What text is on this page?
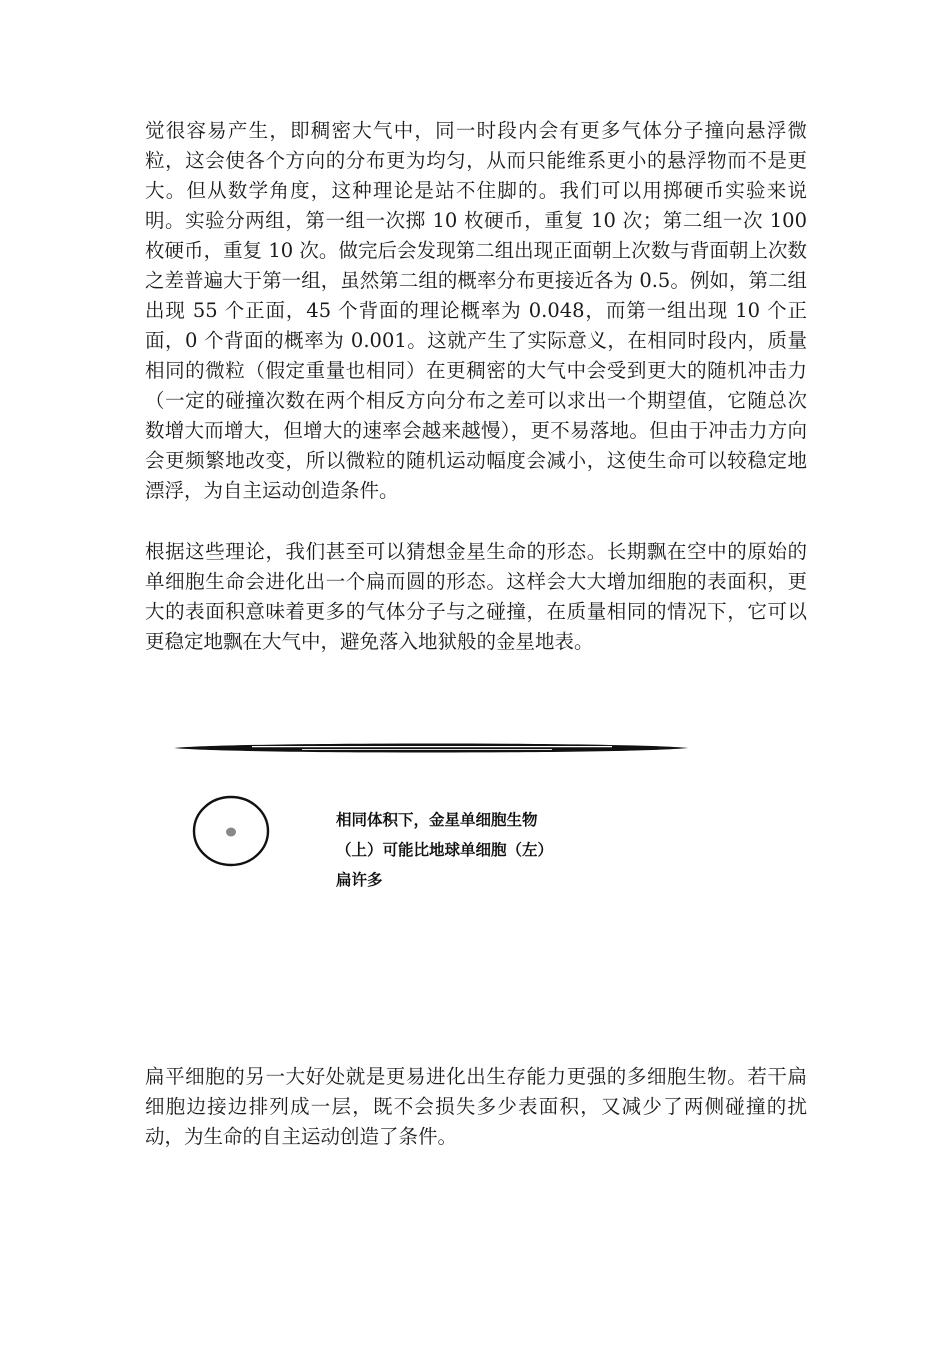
觉很容易产生，即稠密大气中，同一时段内会有更多气体分子撞向悬浮微粒，这会使各个方向的分布更为均匀，从而只能维系更小的悬浮物而不是更大。但从数学角度，这种理论是站不住脚的。我们可以用掷硬币实验来说明。实验分两组，第一组一次掷 10 枚硬币，重复 10 次；第二组一次 100 枚硬币，重复 10 次。做完后会发现第二组出现正面朝上次数与背面朝上次数之差普遍大于第一组，虽然第二组的概率分布更接近各为 0.5。例如，第二组出现 55 个正面，45 个背面的理论概率为 0.048，而第一组出现 10 个正面，0 个背面的概率为 0.001。这就产生了实际意义，在相同时段内，质量相同的微粒（假定重量也相同）在更稠密的大气中会受到更大的随机冲击力（一定的碰撞次数在两个相反方向分布之差可以求出一个期望值，它随总次数增大而增大，但增大的速率会越来越慢），更不易落地。但由于冲击力方向会更频繁地改变，所以微粒的随机运动幅度会减小，这使生命可以较稳定地漂浮，为自主运动创造条件。

根据这些理论，我们甚至可以猜想金星生命的形态。长期飘在空中的原始的单细胞生命会进化出一个扁而圆的形态。这样会大大增加细胞的表面积，更大的表面积意味着更多的气体分子与之碰撞，在质量相同的情况下，它可以更稳定地飘在大气中，避免落入地狱般的金星地表。

相同体积下，金星单细胞生物（上）可能比地球单细胞（左）扁许多

扁平细胞的另一大好处就是更易进化出生存能力更强的多细胞生物。若干扁细胞边接边排列成一层，既不会损失多少表面积，又减少了两侧碰撞的扰动，为生命的自主运动创造了条件。
